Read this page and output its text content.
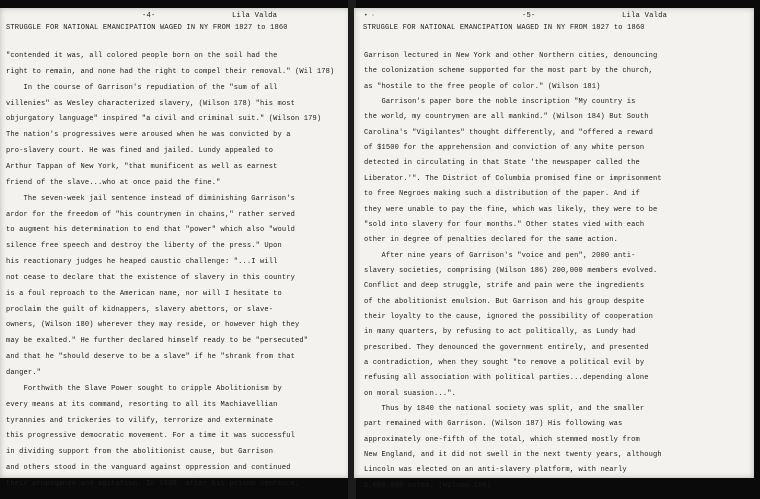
-4-	Lila Valda
STRUGGLE FOR NATIONAL EMANCIPATION WAGED IN NY FROM 1827 to 1860
"contended it was, all colored people born on the soil had the
right to remain, and none had the right to compel their removal." (Wil 178)
In the course of Garrison's repudiation of the "sum of all
villenies" as Wesley characterized slavery, (Wilson 178) "his most
objurgatory language" inspired "a civil and criminal suit." (Wilson 179)
The nation's progressives were aroused when he was convicted by a
pro-slavery court. He was fined and jailed. Lundy appealed to
Arthur Tappan of New York, "that munificent as well as earnest
friend of the slave...who at once paid the fine."
The seven-week jail sentence instead of diminishing Garrison's
ardor for the freedom of "his countrymen in chains," rather served
to augment his determination to end that "power" which also "would
silence free speech and destroy the liberty of the press." Upon
his reactionary judges he heaped caustic challenge: "...I will
not cease to declare that the existence of slavery in this country
is a foul reproach to the American name, nor will I hesitate to
proclaim the guilt of kidnappers, slavery abettors, or slave-
owners, (Wilson 180) wherever they may reside, or however high they
may be exalted." He further declared himself ready to be "persecuted"
and that he "should deserve to be a slave" if he "shrank from that
danger."
Forthwith the Slave Power sought to cripple Abolitionism by
every means at its command, resorting to all its Machiavellian
tyrannies and trickeries to vilify, terrorize and exterminate
this progressive democratic movement. For a time it was successful
in dividing support from the abolitionist cause, but Garrison
and others stood in the vanguard against oppression and continued
their propaganda and agitation. In 1830, after his prison sentence,
• ·	-5-	Lila Valda
STRUGGLE FOR NATIONAL EMANCIPATION WAGED IN NY FROM 1827 to 1860
Garrison lectured in New York and other Northern cities, denouncing
the colonization scheme supported for the most part by the church,
as "hostile to the free people of color." (Wilson 181)
Garrison's paper bore the noble inscription "My country is
the world, my countrymen are all mankind." (Wilson 184) But South
Carolina's "Vigilantes" thought differently, and "offered a reward
of $1500 for the apprehension and conviction of any white person
detected in circulating in that State 'the newspaper called the
Liberator.'". The District of Columbia promised fine or imprisonment
to free Negroes making such a distribution of the paper. And if
they were unable to pay the fine, which was likely, they were to be
"sold into slavery for four months." Other states vied with each
other in degree of penalties declared for the same action.
After nine years of Garrison's "voice and pen", 2000 anti-
slavery societies, comprising (Wilson 186) 200,000 members evolved.
Conflict and deep struggle, strife and pain were the ingredients
of the abolitionist emulsion. But Garrison and his group despite
their loyalty to the cause, ignored the possibility of cooperation
in many quarters, by refusing to act politically, as Lundy had
prescribed. They denounced the government entirely, and presented
a contradiction, when they sought "to remove a political evil by
refusing all association with political parties...depending alone
on moral suasion...".
Thus by 1840 the national society was split, and the smaller
part remained with Garrison. (Wilson 187) His following was
approximately one-fifth of the total, which stemmed mostly from
New England, and it did not swell in the next twenty years, although
Lincoln was elected on an anti-slavery platform, with nearly
2,000,000 votes. (Wilson 188)
